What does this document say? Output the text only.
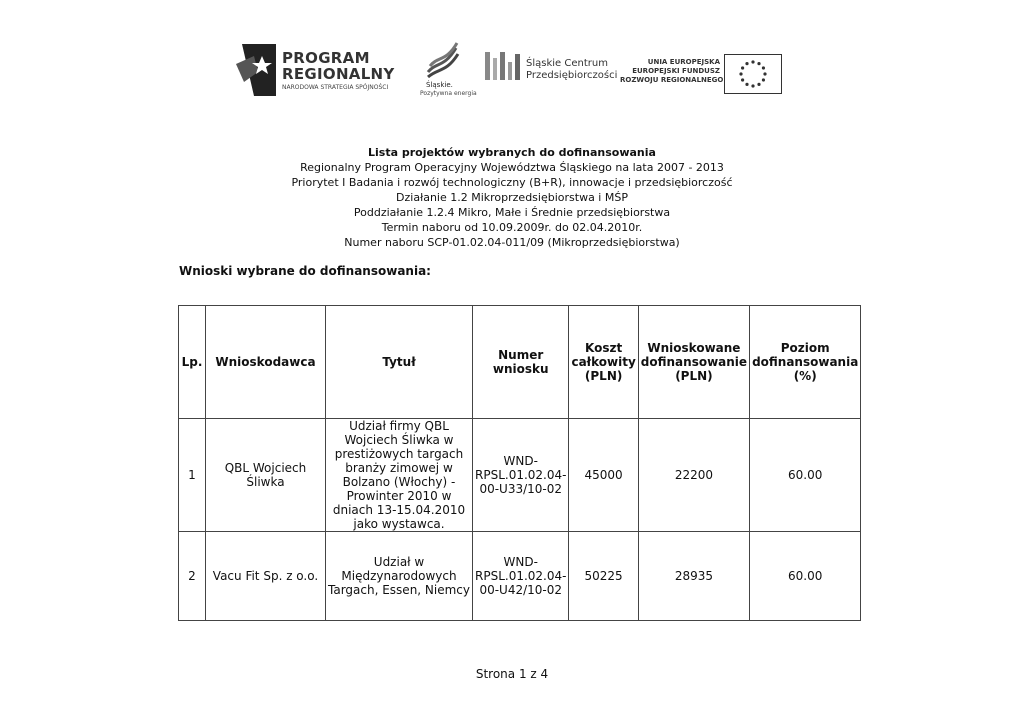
PROGRAM
REGIONALNY
NARODOWA STRATEGIA SPÓJNOŚCI	Śląskie.
Pozytywna energia
Śląskie Centrum
Przedsiębiorczości
UNIA EUROPEJSKA
EUROPEJSKI FUNDUSZ
ROZWOJU REGIONALNEGO
Lista projektów wybranych do dofinansowania
Regionalny Program Operacyjny Województwa Śląskiego na lata 2007 - 2013
Priorytet I Badania i rozwój technologiczny (B+R), innowacje i przedsiębiorczość
Działanie 1.2 Mikroprzedsiębiorstwa i MŚP
Poddziałanie 1.2.4 Mikro, Małe i Średnie przedsiębiorstwa
Termin naboru od 10.09.2009r. do 02.04.2010r.
Numer naboru SCP-01.02.04-011/09 (Mikroprzedsiębiorstwa)
Wnioski wybrane do dofinansowania:
Lp.	Wnioskodawca	Tytuł	Numer wniosku	Koszt całkowity (PLN)	Wnioskowane dofinansowanie (PLN)	Poziom dofinansowania (%)
1	QBL Wojciech Śliwka	Udział firmy QBL Wojciech Śliwka w prestiżowych targach branży zimowej w Bolzano (Włochy) - Prowinter 2010 w dniach 13-15.04.2010 jako wystawca.	WND-RPSL.01.02.04-00-U33/10-02	45000	22200	60.00
2	Vacu Fit Sp. z o.o.	Udział w Międzynarodowych Targach, Essen, Niemcy	WND-RPSL.01.02.04-00-U42/10-02	50225	28935	60.00
Strona 1 z 4
